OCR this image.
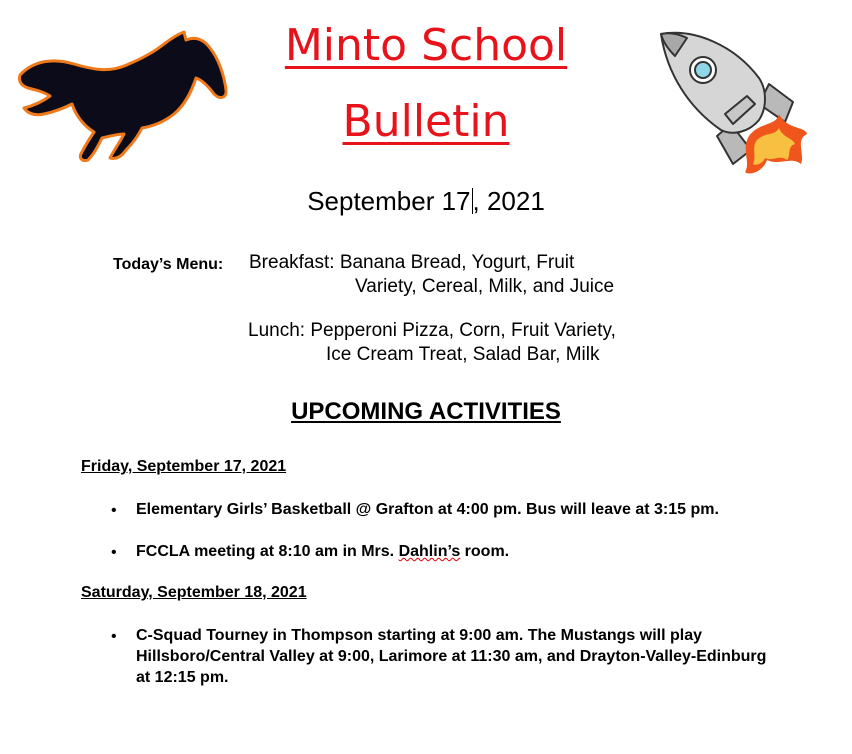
Minto School
Bulletin
September 17, 2021
Today’s Menu: Breakfast: Banana Bread, Yogurt, Fruit
Variety, Cereal, Milk, and Juice
Lunch: Pepperoni Pizza, Corn, Fruit Variety,
Ice Cream Treat, Salad Bar, Milk
UPCOMING ACTIVITIES
Friday, September 17, 2021
• Elementary Girls’ Basketball @ Grafton at 4:00 pm. Bus will leave at 3:15 pm.
• FCCLA meeting at 8:10 am in Mrs. Dahlin’s room.
Saturday, September 18, 2021
• C-Squad Tourney in Thompson starting at 9:00 am. The Mustangs will play Hillsboro/Central Valley at 9:00, Larimore at 11:30 am, and Drayton-Valley-Edinburg at 12:15 pm.
